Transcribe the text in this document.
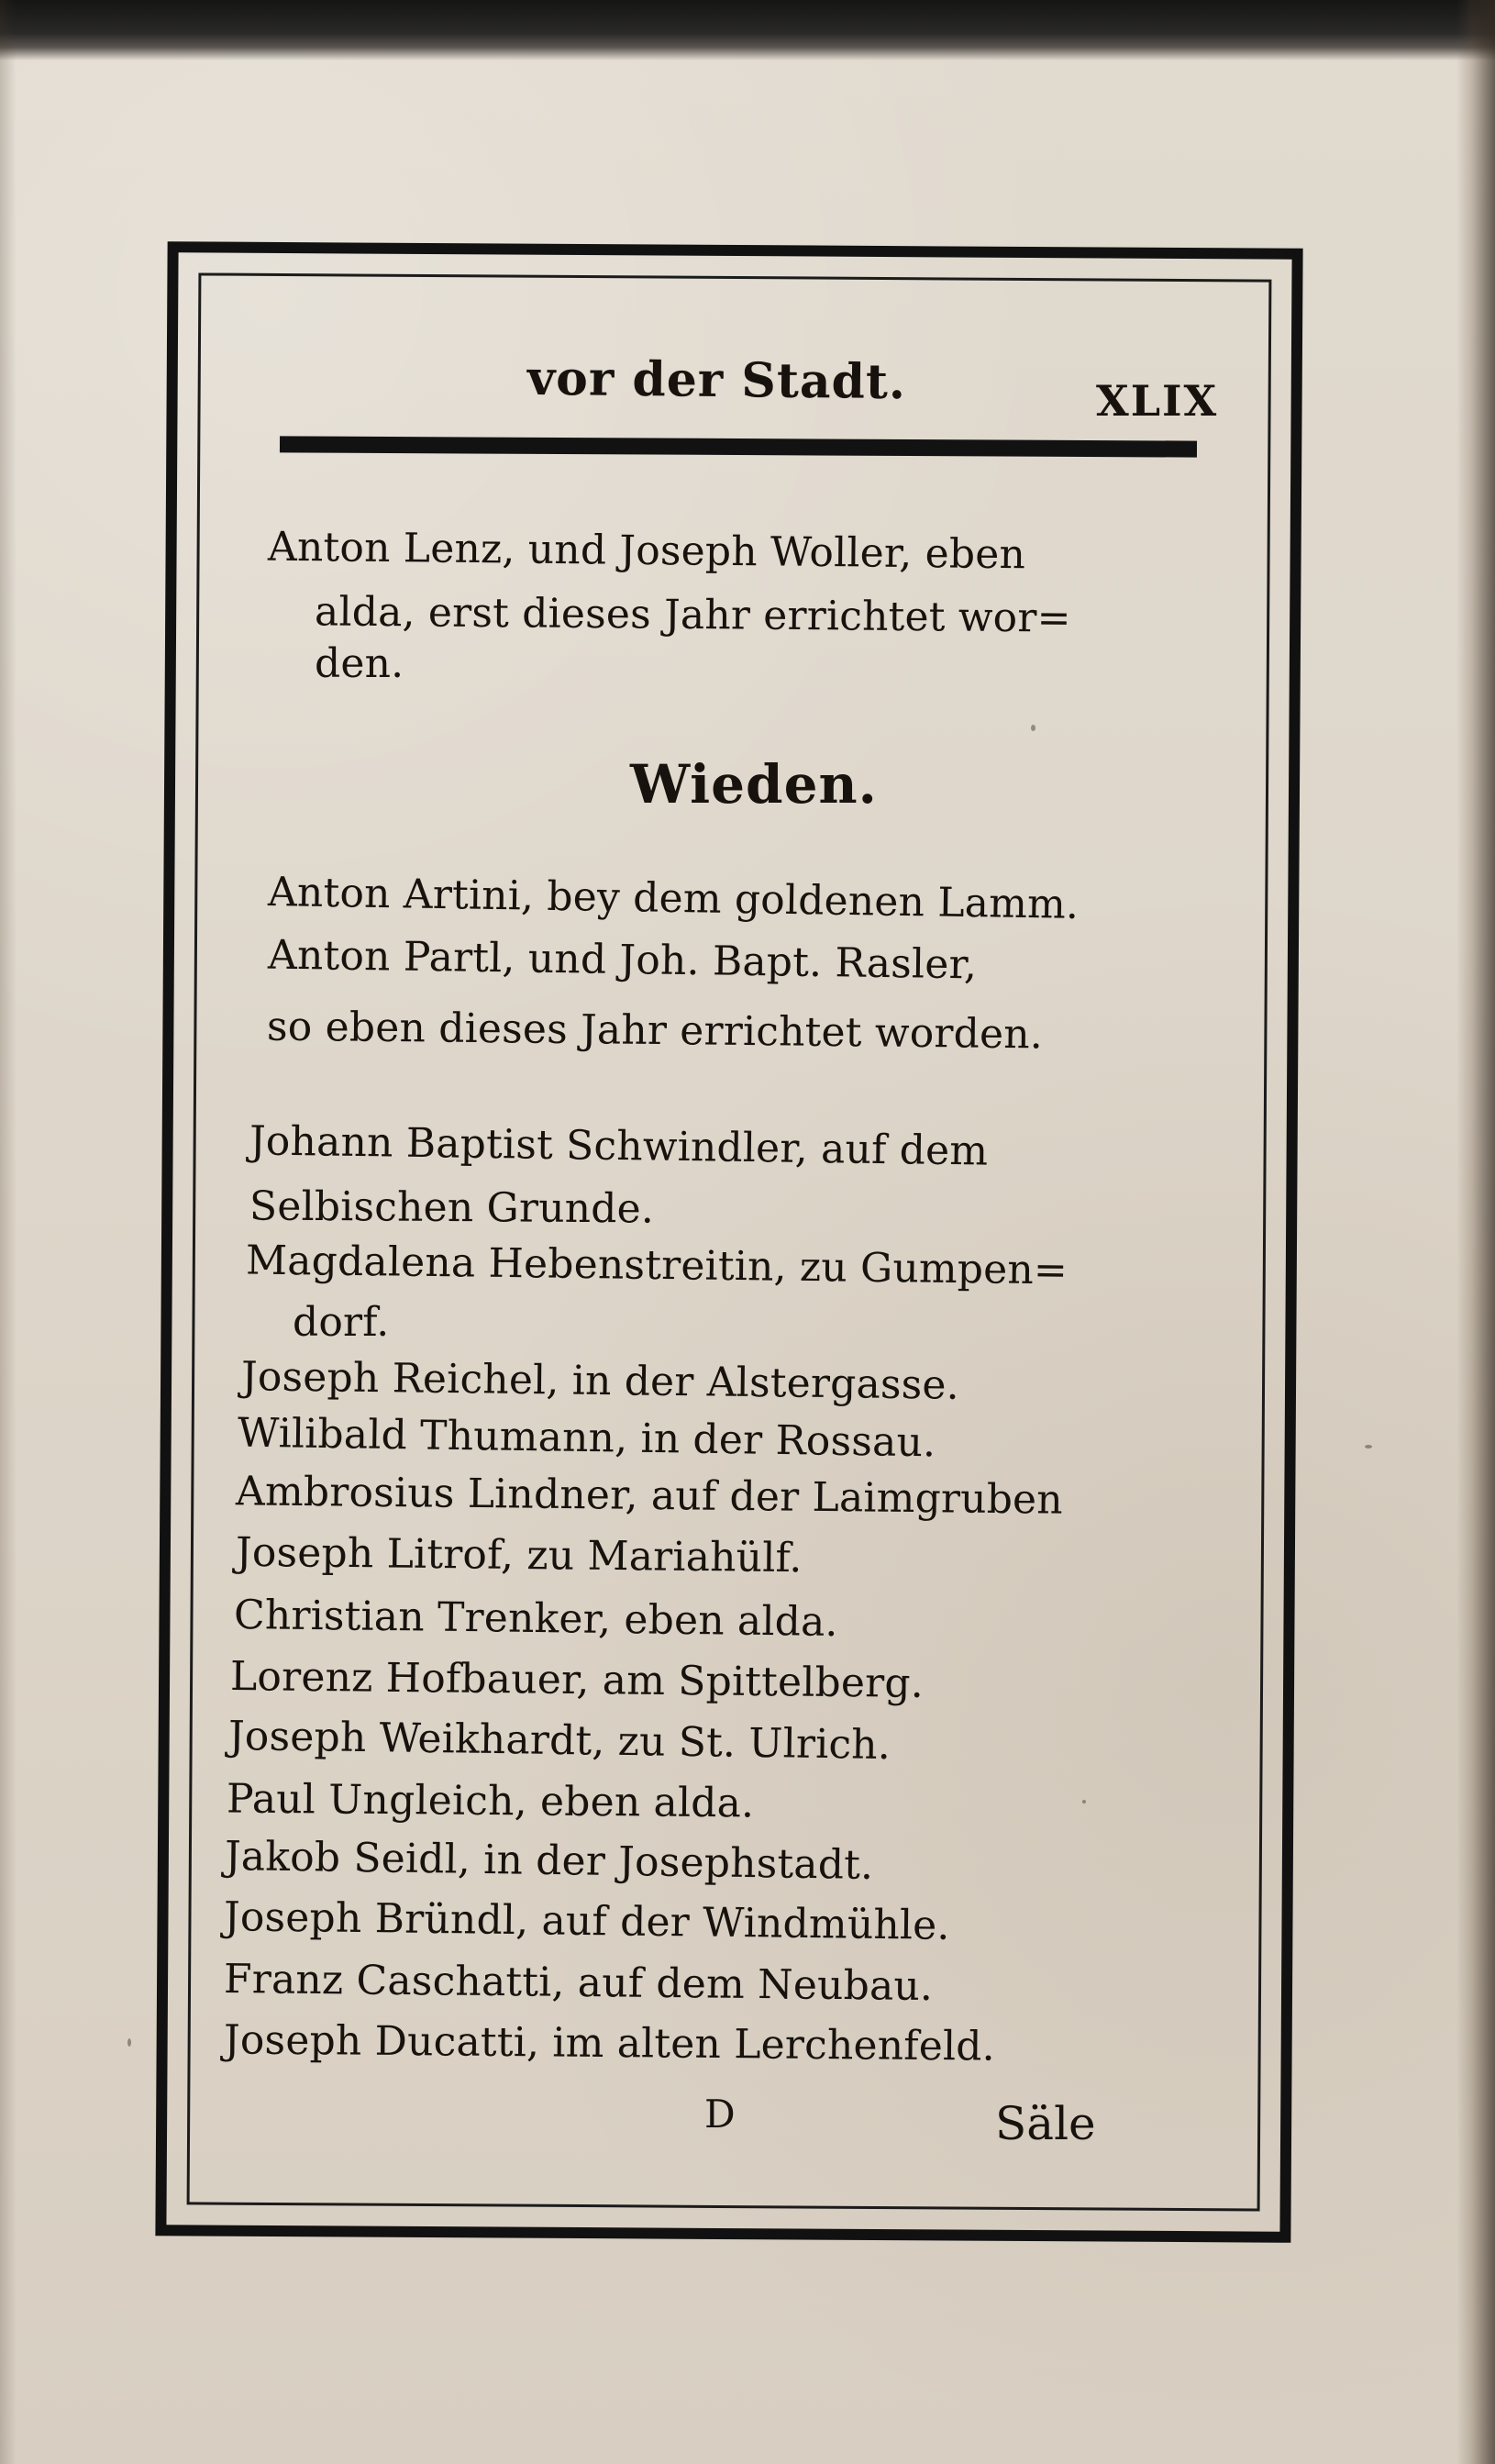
vor der Stadt.	XLIX

Anton Lenz, und Joseph Woller, eben

alda, erst dieses Jahr errichtet wor=

den.

Wieden.

Anton Artini, bey dem goldenen Lamm.

Anton Partl, und Joh. Bapt. Rasler,

so eben dieses Jahr errichtet worden.

Johann Baptist Schwindler, auf dem

Selbischen Grunde.

Magdalena Hebenstreitin, zu Gumpen=

dorf.

Joseph Reichel, in der Alstergasse.

Wilibald Thumann, in der Rossau.

Ambrosius Lindner, auf der Laimgruben

Joseph Litrof, zu Mariahülf.

Christian Trenker, eben alda.

Lorenz Hofbauer, am Spittelberg.

Joseph Weikhardt, zu St. Ulrich.

Paul Ungleich, eben alda.

Jakob Seidl, in der Josephstadt.

Joseph Bründl, auf der Windmühle.

Franz Caschatti, auf dem Neubau.

Joseph Ducatti, im alten Lerchenfeld.

D	Säle
